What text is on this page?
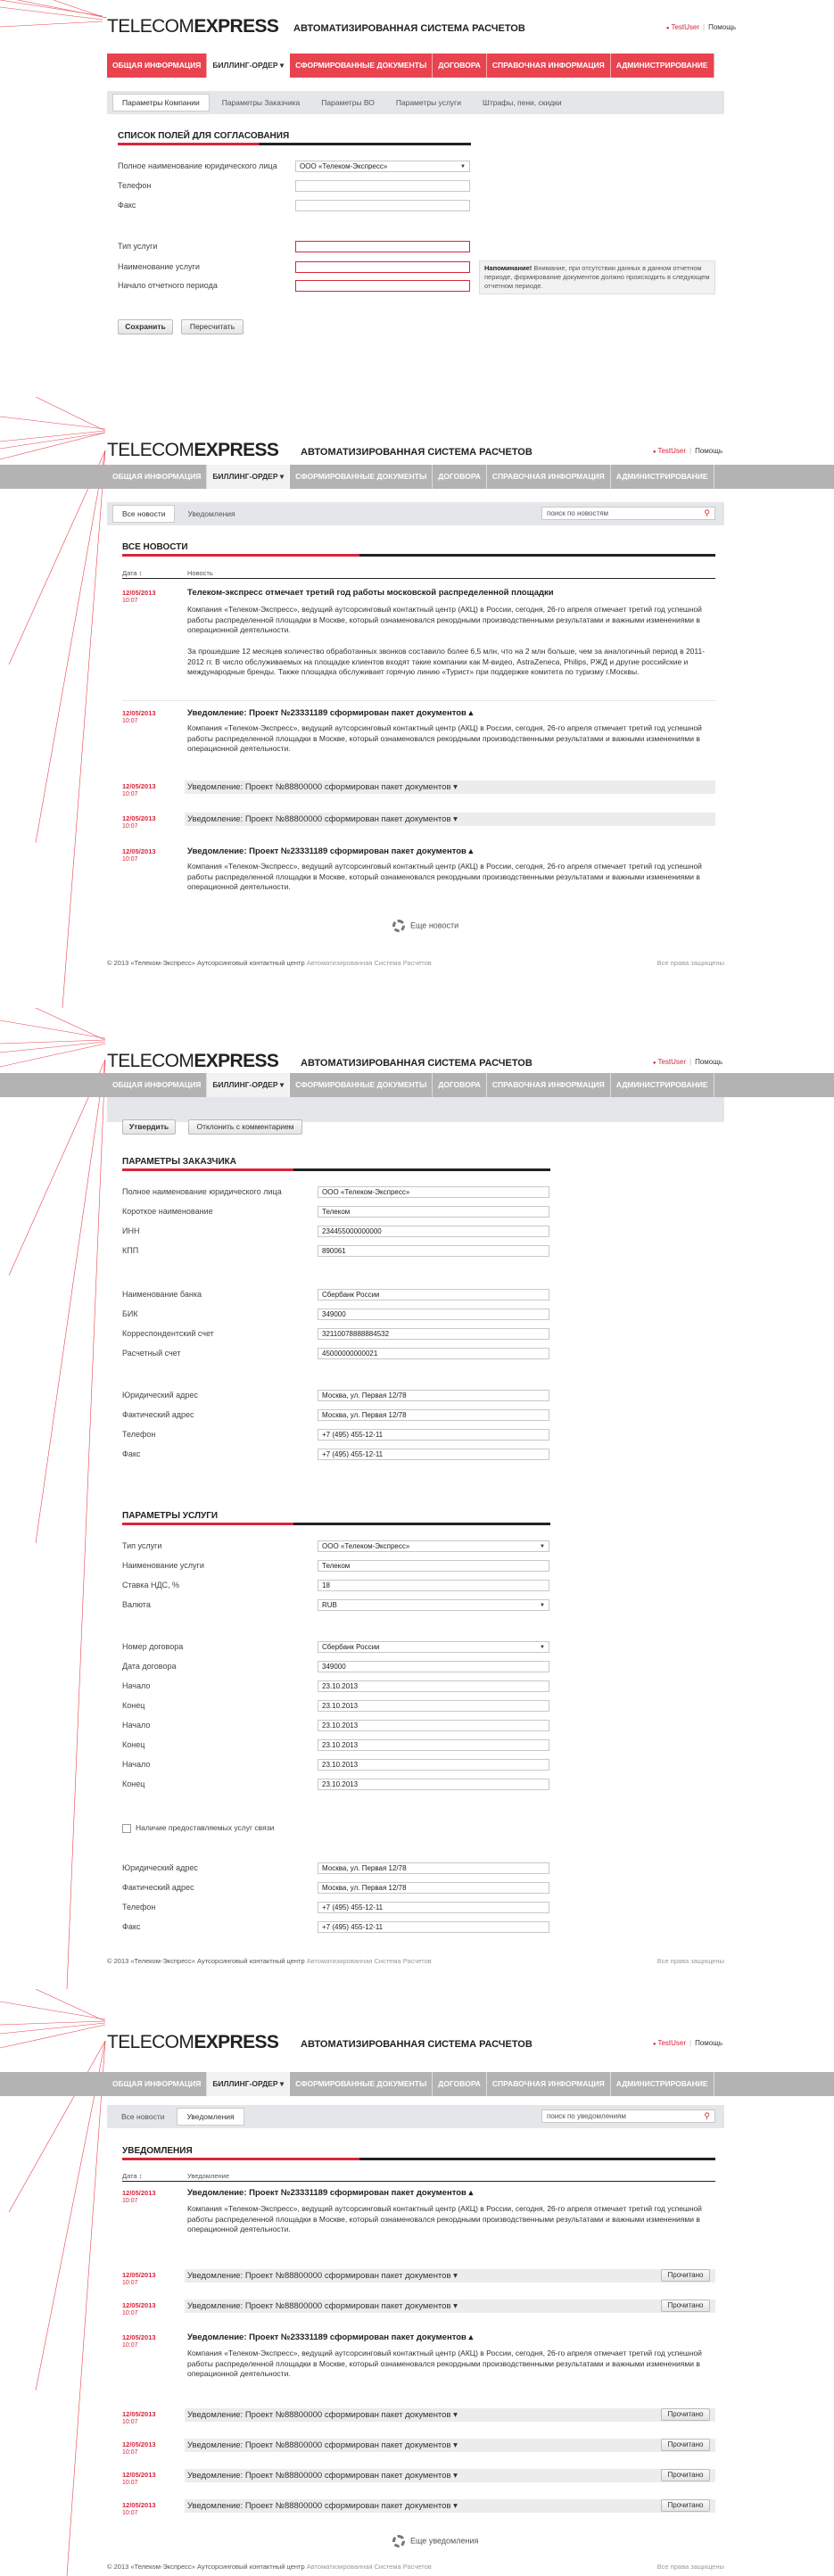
TELECOMEXPRESS АВТОМАТИЗИРОВАННАЯ СИСТЕМА РАСЧЕТОВ	● TestUser | Помощь
ОБЩАЯ ИНФОРМАЦИЯ	БИЛЛИНГ-ОРДЕР ▾	СФОРМИРОВАННЫЕ ДОКУМЕНТЫ	ДОГОВОРА	СПРАВОЧНАЯ ИНФОРМАЦИЯ	АДМИНИСТРИРОВАНИЕ
Параметры Компании	Параметры Заказчика	Параметры ВО	Параметры услуги	Штрафы, пени, скидки
СПИСОК ПОЛЕЙ ДЛЯ СОГЛАСОВАНИЯ
Полное наименование юридического лица	ООО «Телеком-Экспресс» ▼
Телефон
Факс
Тип услуги
Наименование услуги
Начало отчетного периода
Напоминание! Внимание, при отсутствии данных в данном отчетном периоде, формирование документов должно происходить в следующем отчетном периоде.
Сохранить	Пересчитать
TELECOMEXPRESS АВТОМАТИЗИРОВАННАЯ СИСТЕМА РАСЧЕТОВ	● TestUser | Помощь
ОБЩАЯ ИНФОРМАЦИЯ	БИЛЛИНГ-ОРДЕР ▾	СФОРМИРОВАННЫЕ ДОКУМЕНТЫ	ДОГОВОРА	СПРАВОЧНАЯ ИНФОРМАЦИЯ	АДМИНИСТРИРОВАНИЕ
Все новости	Уведомления	поиск по новостям ⚲
ВСЕ НОВОСТИ
Дата ↕	Новость
12/05/2013
10:07
Телеком-экспресс отмечает третий год работы московской распределенной площадки
Компания «Телеком-Экспресс», ведущий аутсорсинговый контактный центр (АКЦ) в России, сегодня, 26-го апреля отмечает третий год успешной работы распределенной площадки в Москве, который ознаменовался рекордными производственными результатами и важными изменениями в операционной деятельности.
За прошедшие 12 месяцев количество обработанных звонков составило более 6,5 млн, что на 2 млн больше, чем за аналогичный период в 2011-2012 гг. В число обслуживаемых на площадке клиентов входят такие компании как М-видео, AstraZeneca, Philips, РЖД и другие российские и международные бренды. Также площадка обслуживает горячую линию «Турист» при поддержке комитета по туризму г.Москвы.
12/05/2013
10:07
Уведомление: Проект №23331189 сформирован пакет документов ▴
Компания «Телеком-Экспресс», ведущий аутсорсинговый контактный центр (АКЦ) в России, сегодня, 26-го апреля отмечает третий год успешной работы распределенной площадки в Москве, который ознаменовался рекордными производственными результатами и важными изменениями в операционной деятельности.
12/05/2013
10:07
Уведомление: Проект №88800000 сформирован пакет документов ▾
12/05/2013
10:07
Уведомление: Проект №88800000 сформирован пакет документов ▾
12/05/2013
10:07
Уведомление: Проект №23331189 сформирован пакет документов ▴
Компания «Телеком-Экспресс», ведущий аутсорсинговый контактный центр (АКЦ) в России, сегодня, 26-го апреля отмечает третий год успешной работы распределенной площадки в Москве, который ознаменовался рекордными производственными результатами и важными изменениями в операционной деятельности.
Еще новости
© 2013 «Телеком-Экспресс» Аутсорсинговый контактный центр Автоматизированная Система Расчетов	Все права защищены
TELECOMEXPRESS АВТОМАТИЗИРОВАННАЯ СИСТЕМА РАСЧЕТОВ	● TestUser | Помощь
ОБЩАЯ ИНФОРМАЦИЯ	БИЛЛИНГ-ОРДЕР ▾	СФОРМИРОВАННЫЕ ДОКУМЕНТЫ	ДОГОВОРА	СПРАВОЧНАЯ ИНФОРМАЦИЯ	АДМИНИСТРИРОВАНИЕ
Утвердить	Отклонить с комментарием
ПАРАМЕТРЫ ЗАКАЗЧИКА
Полное наименование юридического лица	ООО «Телеком-Экспресс»
Короткое наименование	Телеком
ИНН	234455000000000
КПП	890061
Наименование банка	Сбербанк России
БИК	349000
Корреспондентский счет	32110078888884532
Расчетный счет	45000000000021
Юридический адрес	Москва, ул. Первая 12/78
Фактический адрес	Москва, ул. Первая 12/78
Телефон	+7 (495) 455-12-11
Факс	+7 (495) 455-12-11
ПАРАМЕТРЫ УСЛУГИ
Тип услуги	ООО «Телеком-Экспресс» ▼
Наименование услуги	Телеком
Ставка НДС, %	18
Валюта	RUB ▼
Номер договора	Сбербанк России ▼
Дата договора	349000
Начало	23.10.2013
Конец	23.10.2013
Начало	23.10.2013
Конец	23.10.2013
Начало	23.10.2013
Конец	23.10.2013
Наличие предоставляемых услуг связи
Юридический адрес	Москва, ул. Первая 12/78
Фактический адрес	Москва, ул. Первая 12/78
Телефон	+7 (495) 455-12-11
Факс	+7 (495) 455-12-11
© 2013 «Телеком-Экспресс» Аутсорсинговый контактный центр Автоматизированная Система Расчетов	Все права защищены
TELECOMEXPRESS АВТОМАТИЗИРОВАННАЯ СИСТЕМА РАСЧЕТОВ	● TestUser | Помощь
ОБЩАЯ ИНФОРМАЦИЯ	БИЛЛИНГ-ОРДЕР ▾	СФОРМИРОВАННЫЕ ДОКУМЕНТЫ	ДОГОВОРА	СПРАВОЧНАЯ ИНФОРМАЦИЯ	АДМИНИСТРИРОВАНИЕ
Все новости	Уведомления	поиск по уведомлениям ⚲
УВЕДОМЛЕНИЯ
Дата ↕	Уведомление
12/05/2013
10:07
Уведомление: Проект №23331189 сформирован пакет документов ▴
Компания «Телеком-Экспресс», ведущий аутсорсинговый контактный центр (АКЦ) в России, сегодня, 26-го апреля отмечает третий год успешной работы распределенной площадки в Москве, который ознаменовался рекордными производственными результатами и важными изменениями в операционной деятельности.
12/05/2013
10:07
Уведомление: Проект №88800000 сформирован пакет документов ▾	Прочитано
12/05/2013
10:07
Уведомление: Проект №88800000 сформирован пакет документов ▾	Прочитано
12/05/2013
10:07
Уведомление: Проект №23331189 сформирован пакет документов ▴
Компания «Телеком-Экспресс», ведущий аутсорсинговый контактный центр (АКЦ) в России, сегодня, 26-го апреля отмечает третий год успешной работы распределенной площадки в Москве, который ознаменовался рекордными производственными результатами и важными изменениями в операционной деятельности.
12/05/2013
10:07
Уведомление: Проект №88800000 сформирован пакет документов ▾	Прочитано
12/05/2013
10:07
Уведомление: Проект №88800000 сформирован пакет документов ▾	Прочитано
12/05/2013
10:07
Уведомление: Проект №88800000 сформирован пакет документов ▾	Прочитано
12/05/2013
10:07
Уведомление: Проект №88800000 сформирован пакет документов ▾	Прочитано
Еще уведомления
© 2013 «Телеком-Экспресс» Аутсорсинговый контактный центр Автоматизированная Система Расчетов	Все права защищены
